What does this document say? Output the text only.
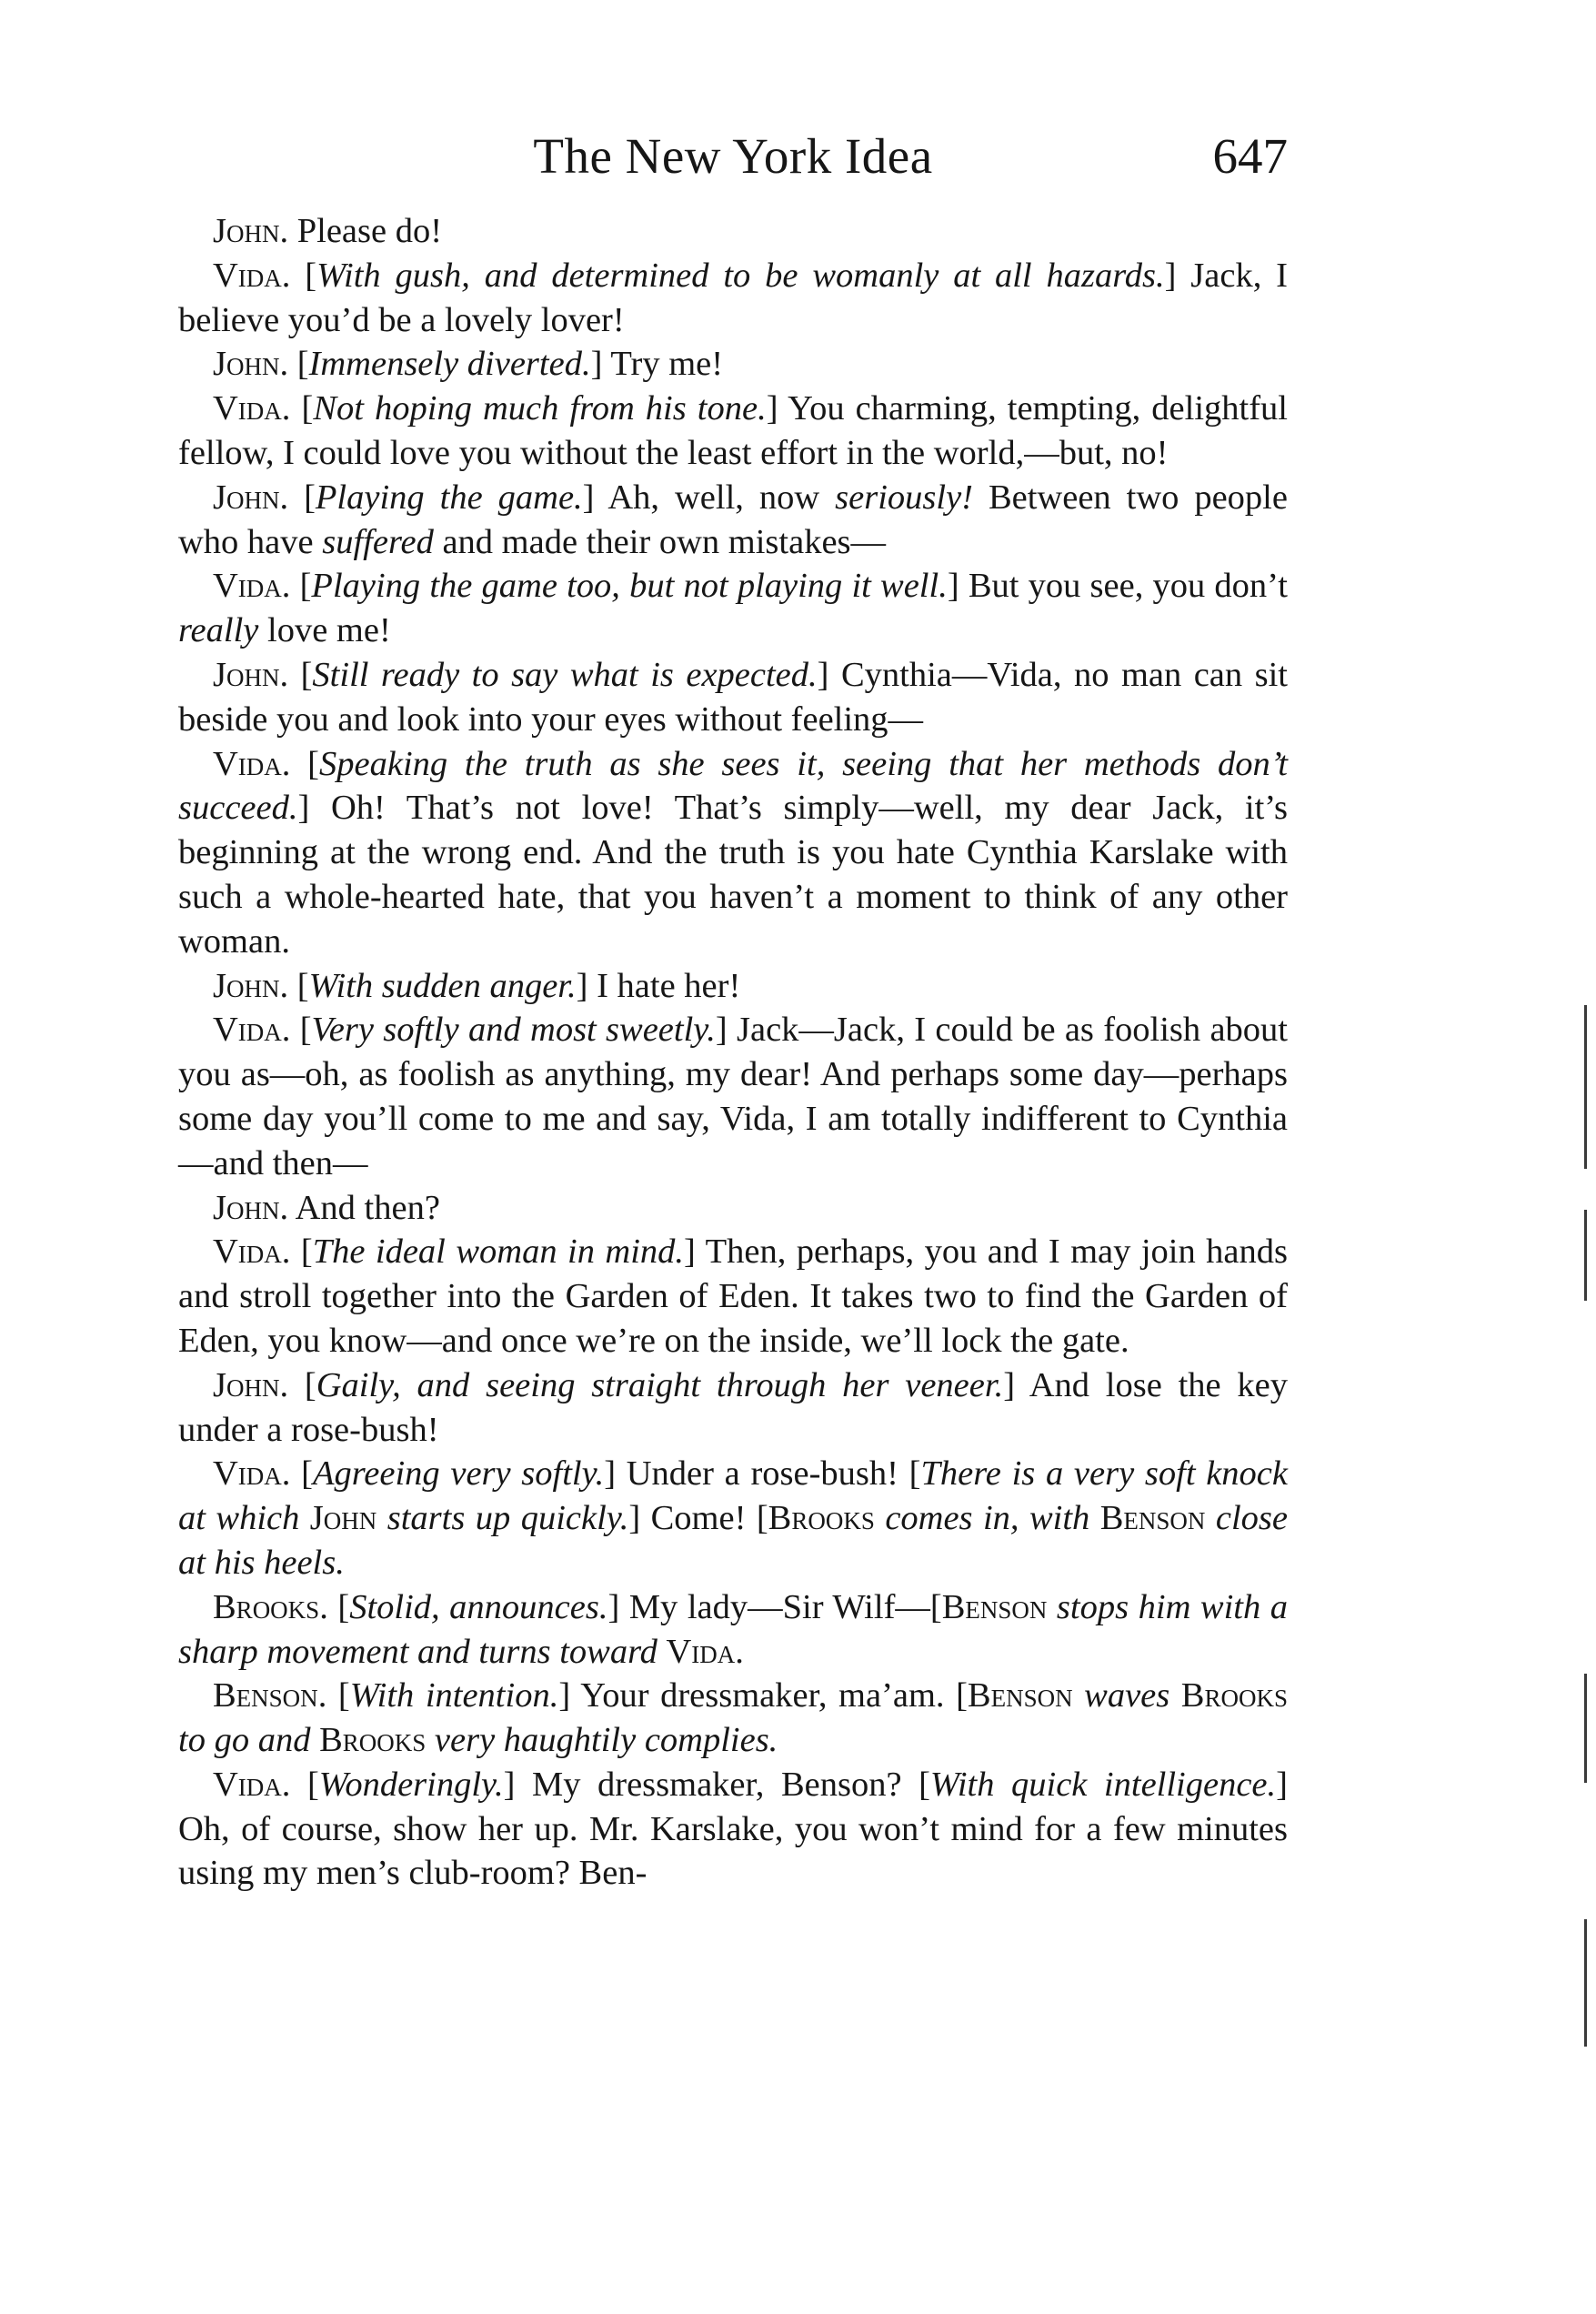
The New York Idea	647

John. Please do!

Vida. [With gush, and determined to be womanly at all hazards.] Jack, I believe you’d be a lovely lover!

John. [Immensely diverted.] Try me!

Vida. [Not hoping much from his tone.] You charming, tempting, delightful fellow, I could love you without the least effort in the world,—but, no!

John. [Playing the game.] Ah, well, now seriously! Between two people who have suffered and made their own mistakes—

Vida. [Playing the game too, but not playing it well.] But you see, you don’t really love me!

John. [Still ready to say what is expected.] Cynthia—Vida, no man can sit beside you and look into your eyes without feeling—

Vida. [Speaking the truth as she sees it, seeing that her methods don’t succeed.] Oh! That’s not love! That’s simply—well, my dear Jack, it’s beginning at the wrong end. And the truth is you hate Cynthia Karslake with such a whole-hearted hate, that you haven’t a moment to think of any other woman.

John. [With sudden anger.] I hate her!

Vida. [Very softly and most sweetly.] Jack—Jack, I could be as foolish about you as—oh, as foolish as anything, my dear! And perhaps some day—perhaps some day you’ll come to me and say, Vida, I am totally indifferent to Cynthia—and then—

John. And then?

Vida. [The ideal woman in mind.] Then, perhaps, you and I may join hands and stroll together into the Garden of Eden. It takes two to find the Garden of Eden, you know—and once we’re on the inside, we’ll lock the gate.

John. [Gaily, and seeing straight through her veneer.] And lose the key under a rose-bush!

Vida. [Agreeing very softly.] Under a rose-bush! [There is a very soft knock at which John starts up quickly.] Come! [Brooks comes in, with Benson close at his heels.

Brooks. [Stolid, announces.] My lady—Sir Wilf—[Benson stops him with a sharp movement and turns toward Vida.

Benson. [With intention.] Your dressmaker, ma’am. [Benson waves Brooks to go and Brooks very haughtily complies.

Vida. [Wonderingly.] My dressmaker, Benson? [With quick intelligence.] Oh, of course, show her up. Mr. Karslake, you won’t mind for a few minutes using my men’s club-room? Ben-
